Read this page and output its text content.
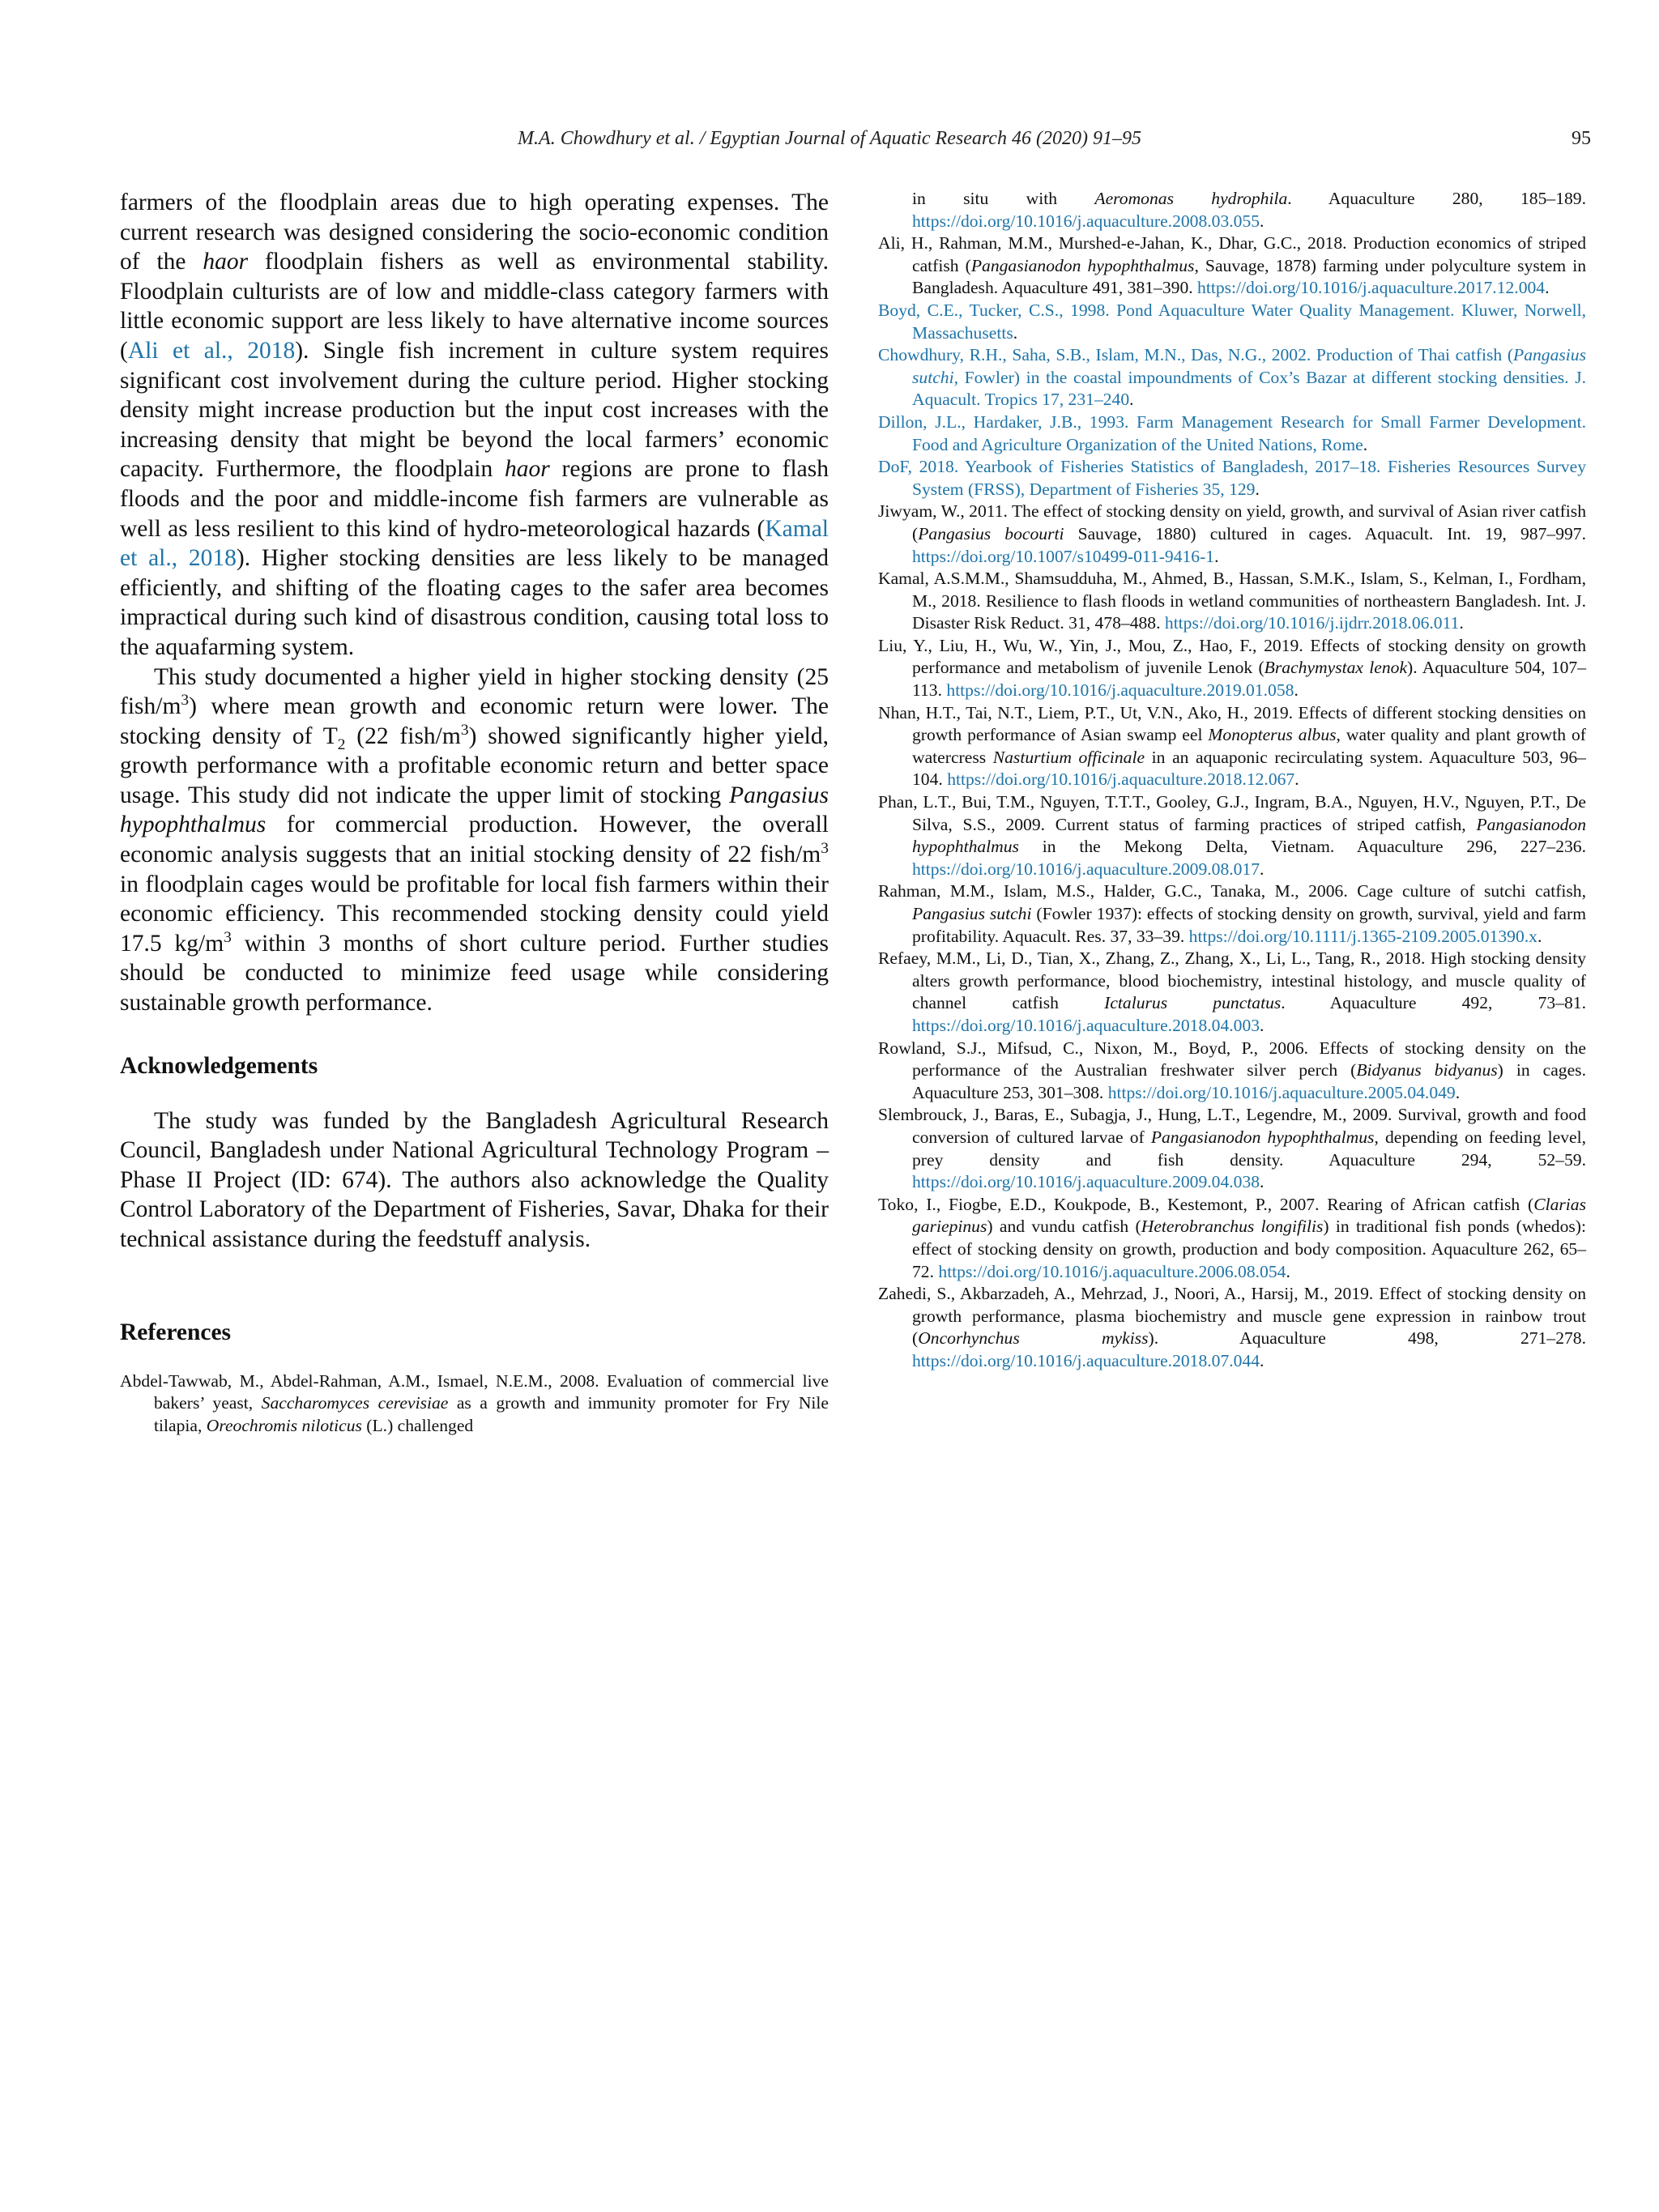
M.A. Chowdhury et al. / Egyptian Journal of Aquatic Research 46 (2020) 91–95	95

farmers of the floodplain areas due to high operating expenses. The current research was designed considering the socio-economic condition of the haor floodplain fishers as well as environmental stability. Floodplain culturists are of low and middle-class category farmers with little economic support are less likely to have alternative income sources (Ali et al., 2018). Single fish increment in culture system requires significant cost involvement during the culture period. Higher stocking density might increase production but the input cost increases with the increasing density that might be beyond the local farmers’ economic capacity. Furthermore, the floodplain haor regions are prone to flash floods and the poor and middle-income fish farmers are vulnerable as well as less resilient to this kind of hydro-meteorological hazards (Kamal et al., 2018). Higher stocking densities are less likely to be managed efficiently, and shifting of the floating cages to the safer area becomes impractical during such kind of disastrous condition, causing total loss to the aquafarming system.

This study documented a higher yield in higher stocking density (25 fish/$m^3$) where mean growth and economic return were lower. The stocking density of $T_2$ (22 fish/$m^3$) showed significantly higher yield, growth performance with a profitable economic return and better space usage. This study did not indicate the upper limit of stocking Pangasius hypophthalmus for commercial production. However, the overall economic analysis suggests that an initial stocking density of 22 fish/$m^3$ in floodplain cages would be profitable for local fish farmers within their economic efficiency. This recommended stocking density could yield 17.5 $kg/m^3$ within 3 months of short culture period. Further studies should be conducted to minimize feed usage while considering sustainable growth performance.

Acknowledgements

The study was funded by the Bangladesh Agricultural Research Council, Bangladesh under National Agricultural Technology Program – Phase II Project (ID: 674). The authors also acknowledge the Quality Control Laboratory of the Department of Fisheries, Savar, Dhaka for their technical assistance during the feedstuff analysis.

References

Abdel-Tawwab, M., Abdel-Rahman, A.M., Ismael, N.E.M., 2008. Evaluation of commercial live bakers’ yeast, Saccharomyces cerevisiae as a growth and immunity promoter for Fry Nile tilapia, Oreochromis niloticus (L.) challenged

in situ with Aeromonas hydrophila. Aquaculture 280, 185–189. https://doi.org/10.1016/j.aquaculture.2008.03.055.

Ali, H., Rahman, M.M., Murshed-e-Jahan, K., Dhar, G.C., 2018. Production economics of striped catfish (Pangasianodon hypophthalmus, Sauvage, 1878) farming under polyculture system in Bangladesh. Aquaculture 491, 381–390. https://doi.org/10.1016/j.aquaculture.2017.12.004.

Boyd, C.E., Tucker, C.S., 1998. Pond Aquaculture Water Quality Management. Kluwer, Norwell, Massachusetts.

Chowdhury, R.H., Saha, S.B., Islam, M.N., Das, N.G., 2002. Production of Thai catfish (Pangasius sutchi, Fowler) in the coastal impoundments of Cox’s Bazar at different stocking densities. J. Aquacult. Tropics 17, 231–240.

Dillon, J.L., Hardaker, J.B., 1993. Farm Management Research for Small Farmer Development. Food and Agriculture Organization of the United Nations, Rome.

DoF, 2018. Yearbook of Fisheries Statistics of Bangladesh, 2017–18. Fisheries Resources Survey System (FRSS), Department of Fisheries 35, 129.

Jiwyam, W., 2011. The effect of stocking density on yield, growth, and survival of Asian river catfish (Pangasius bocourti Sauvage, 1880) cultured in cages. Aquacult. Int. 19, 987–997. https://doi.org/10.1007/s10499-011-9416-1.

Kamal, A.S.M.M., Shamsudduha, M., Ahmed, B., Hassan, S.M.K., Islam, S., Kelman, I., Fordham, M., 2018. Resilience to flash floods in wetland communities of northeastern Bangladesh. Int. J. Disaster Risk Reduct. 31, 478–488. https://doi.org/10.1016/j.ijdrr.2018.06.011.

Liu, Y., Liu, H., Wu, W., Yin, J., Mou, Z., Hao, F., 2019. Effects of stocking density on growth performance and metabolism of juvenile Lenok (Brachymystax lenok). Aquaculture 504, 107–113. https://doi.org/10.1016/j.aquaculture.2019.01.058.

Nhan, H.T., Tai, N.T., Liem, P.T., Ut, V.N., Ako, H., 2019. Effects of different stocking densities on growth performance of Asian swamp eel Monopterus albus, water quality and plant growth of watercress Nasturtium officinale in an aquaponic recirculating system. Aquaculture 503, 96–104. https://doi.org/10.1016/j.aquaculture.2018.12.067.

Phan, L.T., Bui, T.M., Nguyen, T.T.T., Gooley, G.J., Ingram, B.A., Nguyen, H.V., Nguyen, P.T., De Silva, S.S., 2009. Current status of farming practices of striped catfish, Pangasianodon hypophthalmus in the Mekong Delta, Vietnam. Aquaculture 296, 227–236. https://doi.org/10.1016/j.aquaculture.2009.08.017.

Rahman, M.M., Islam, M.S., Halder, G.C., Tanaka, M., 2006. Cage culture of sutchi catfish, Pangasius sutchi (Fowler 1937): effects of stocking density on growth, survival, yield and farm profitability. Aquacult. Res. 37, 33–39. https://doi.org/10.1111/j.1365-2109.2005.01390.x.

Refaey, M.M., Li, D., Tian, X., Zhang, Z., Zhang, X., Li, L., Tang, R., 2018. High stocking density alters growth performance, blood biochemistry, intestinal histology, and muscle quality of channel catfish Ictalurus punctatus. Aquaculture 492, 73–81. https://doi.org/10.1016/j.aquaculture.2018.04.003.

Rowland, S.J., Mifsud, C., Nixon, M., Boyd, P., 2006. Effects of stocking density on the performance of the Australian freshwater silver perch (Bidyanus bidyanus) in cages. Aquaculture 253, 301–308. https://doi.org/10.1016/j.aquaculture.2005.04.049.

Slembrouck, J., Baras, E., Subagja, J., Hung, L.T., Legendre, M., 2009. Survival, growth and food conversion of cultured larvae of Pangasianodon hypophthalmus, depending on feeding level, prey density and fish density. Aquaculture 294, 52–59. https://doi.org/10.1016/j.aquaculture.2009.04.038.

Toko, I., Fiogbe, E.D., Koukpode, B., Kestemont, P., 2007. Rearing of African catfish (Clarias gariepinus) and vundu catfish (Heterobranchus longifilis) in traditional fish ponds (whedos): effect of stocking density on growth, production and body composition. Aquaculture 262, 65–72. https://doi.org/10.1016/j.aquaculture.2006.08.054.

Zahedi, S., Akbarzadeh, A., Mehrzad, J., Noori, A., Harsij, M., 2019. Effect of stocking density on growth performance, plasma biochemistry and muscle gene expression in rainbow trout (Oncorhynchus mykiss). Aquaculture 498, 271–278. https://doi.org/10.1016/j.aquaculture.2018.07.044.
